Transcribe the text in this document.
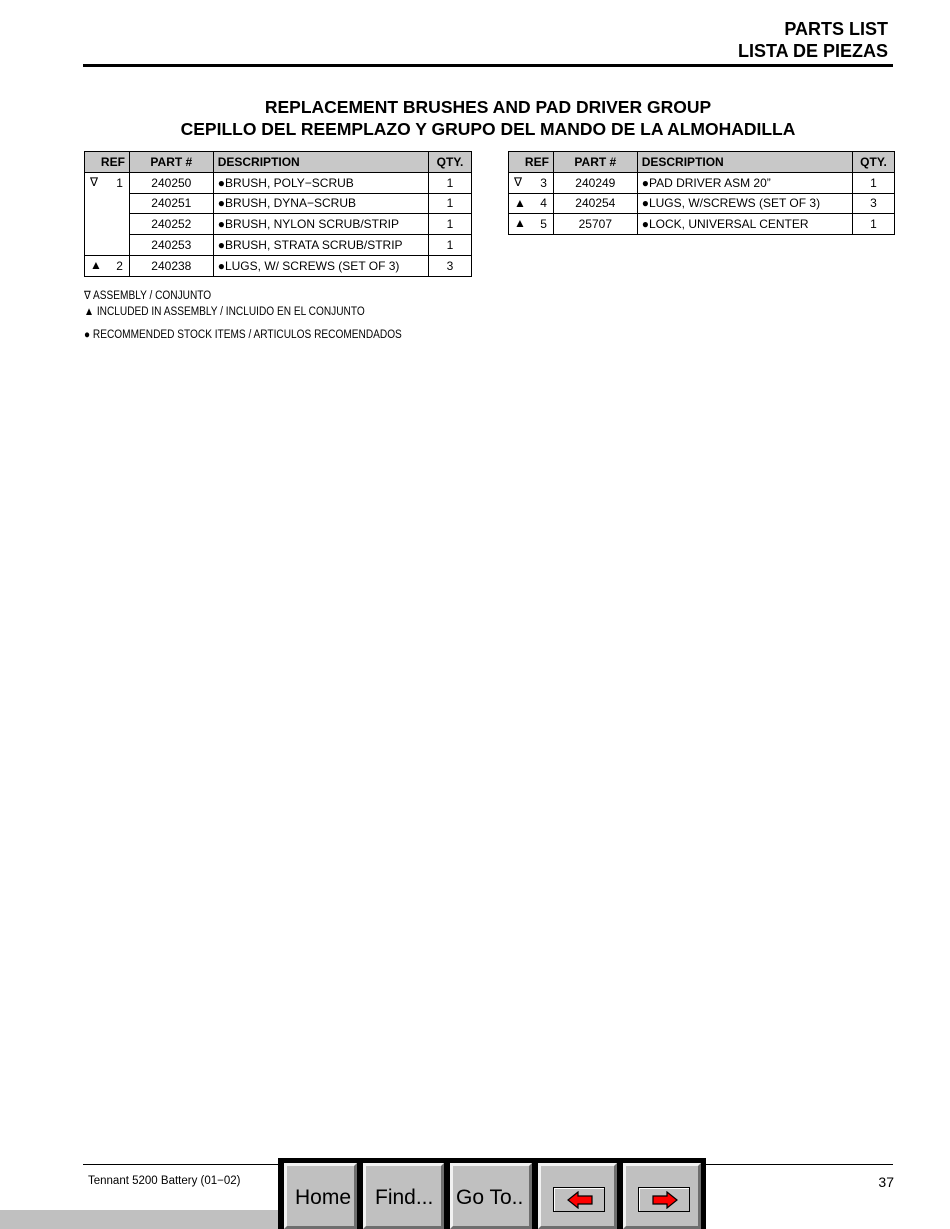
PARTS LIST
LISTA DE PIEZAS
REPLACEMENT BRUSHES AND PAD DRIVER GROUP
CEPILLO DEL REEMPLAZO Y GRUPO DEL MANDO DE LA ALMOHADILLA
REF	PART #	DESCRIPTION	QTY.

∇ 1	240250	●BRUSH, POLY−SCRUB	1
	240251	●BRUSH, DYNA−SCRUB	1
	240252	●BRUSH, NYLON SCRUB/STRIP	1
	240253	●BRUSH, STRATA SCRUB/STRIP	1

▲ 2	240238	●LUGS, W/ SCREWS (SET OF 3)	3
REF	PART #	DESCRIPTION	QTY.

∇ 3	240249	●PAD DRIVER ASM 20”	1

▲ 4	240254	●LUGS, W/SCREWS (SET OF 3)	3

▲ 5	25707	●LOCK, UNIVERSAL CENTER	1
∇ ASSEMBLY / CONJUNTO
▲ INCLUDED IN ASSEMBLY / INCLUIDO EN EL CONJUNTO
● RECOMMENDED STOCK ITEMS / ARTICULOS RECOMENDADOS
Tennant 5200 Battery (01−02)	37
Home Find... Go To..
